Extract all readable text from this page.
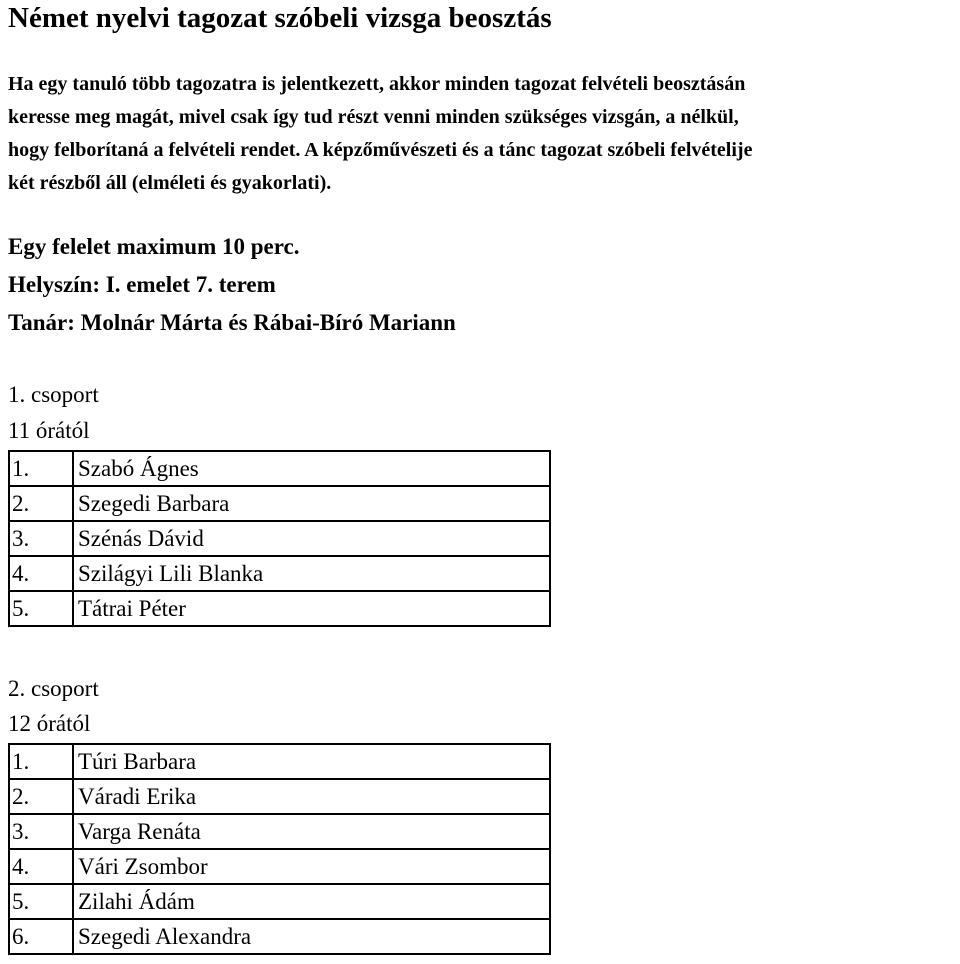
Német nyelvi tagozat szóbeli vizsga beosztás
Ha egy tanuló több tagozatra is jelentkezett, akkor minden tagozat felvételi beosztásán
keresse meg magát, mivel csak így tud részt venni minden szükséges vizsgán, a nélkül,
hogy felborítaná a felvételi rendet. A képzőművészeti és a tánc tagozat szóbeli felvételije
két részből áll (elméleti és gyakorlati).
Egy felelet maximum 10 perc.
Helyszín: I. emelet 7. terem
Tanár: Molnár Márta és Rábai-Bíró Mariann
1. csoport
11 órától
1.	Szabó Ágnes
2.	Szegedi Barbara
3.	Szénás Dávid
4.	Szilágyi Lili Blanka
5.	Tátrai Péter
2. csoport
12 órától
1.	Túri Barbara
2.	Váradi Erika
3.	Varga Renáta
4.	Vári Zsombor
5.	Zilahi Ádám
6.	Szegedi Alexandra
